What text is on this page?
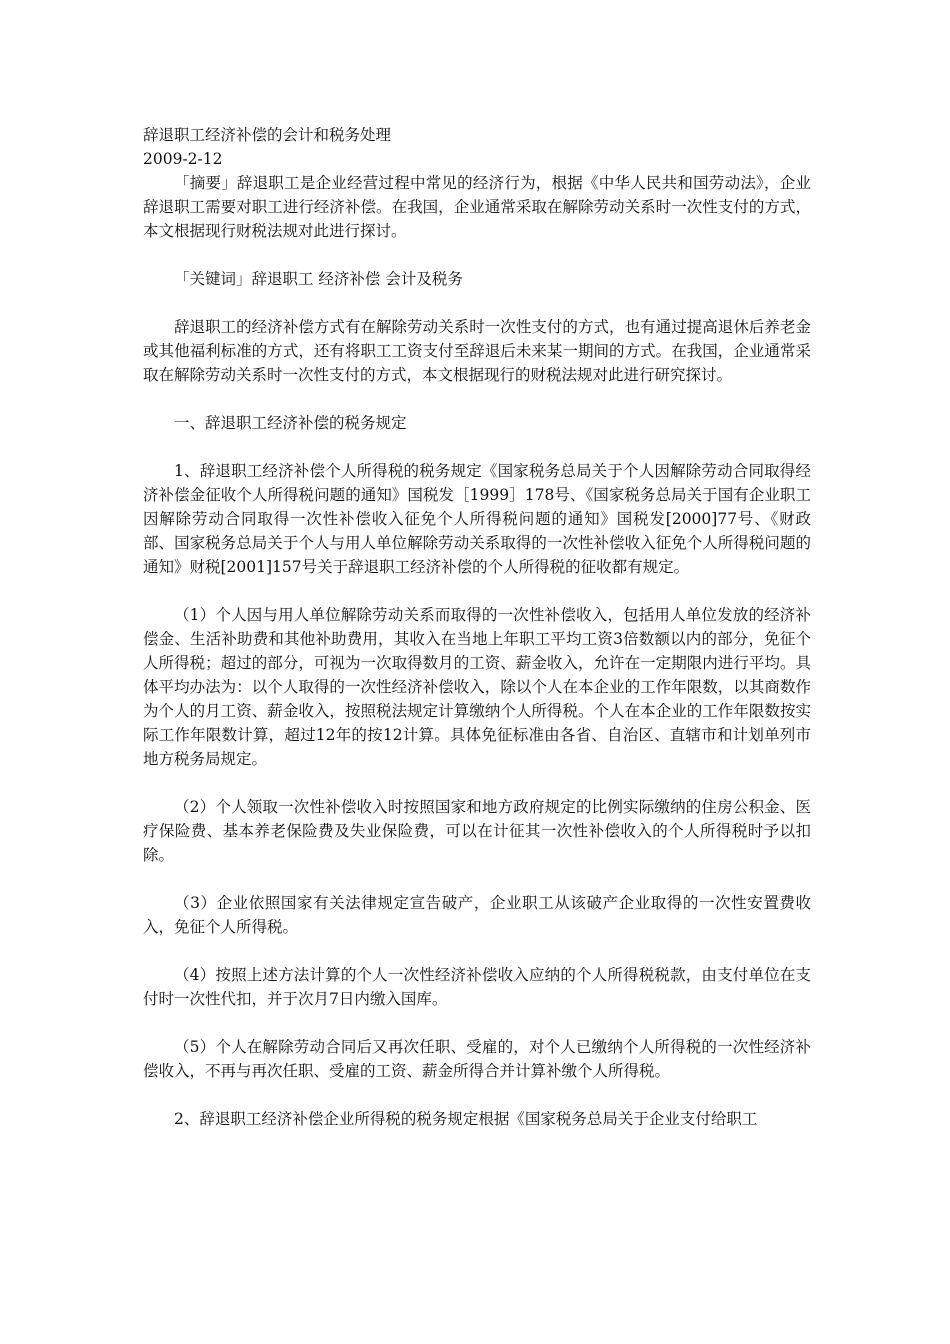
辞退职工经济补偿的会计和税务处理

2009-2-12

「摘要」辞退职工是企业经营过程中常见的经济行为，根据《中华人民共和国劳动法》，企业辞退职工需要对职工进行经济补偿。在我国，企业通常采取在解除劳动关系时一次性支付的方式，本文根据现行财税法规对此进行探讨。

「关键词」辞退职工 经济补偿 会计及税务

辞退职工的经济补偿方式有在解除劳动关系时一次性支付的方式，也有通过提高退休后养老金或其他福利标准的方式，还有将职工工资支付至辞退后未来某一期间的方式。在我国，企业通常采取在解除劳动关系时一次性支付的方式，本文根据现行的财税法规对此进行研究探讨。

一、辞退职工经济补偿的税务规定

1、辞退职工经济补偿个人所得税的税务规定《国家税务总局关于个人因解除劳动合同取得经济补偿金征收个人所得税问题的通知》国税发［1999］178号、《国家税务总局关于国有企业职工因解除劳动合同取得一次性补偿收入征免个人所得税问题的通知》国税发[2000]77号、《财政部、国家税务总局关于个人与用人单位解除劳动关系取得的一次性补偿收入征免个人所得税问题的通知》财税[2001]157号关于辞退职工经济补偿的个人所得税的征收都有规定。

（1）个人因与用人单位解除劳动关系而取得的一次性补偿收入，包括用人单位发放的经济补偿金、生活补助费和其他补助费用，其收入在当地上年职工平均工资3倍数额以内的部分，免征个人所得税；超过的部分，可视为一次取得数月的工资、薪金收入，允许在一定期限内进行平均。具体平均办法为：以个人取得的一次性经济补偿收入，除以个人在本企业的工作年限数，以其商数作为个人的月工资、薪金收入，按照税法规定计算缴纳个人所得税。个人在本企业的工作年限数按实际工作年限数计算，超过12年的按12计算。具体免征标准由各省、自治区、直辖市和计划单列市地方税务局规定。

（2）个人领取一次性补偿收入时按照国家和地方政府规定的比例实际缴纳的住房公积金、医疗保险费、基本养老保险费及失业保险费，可以在计征其一次性补偿收入的个人所得税时予以扣除。

（3）企业依照国家有关法律规定宣告破产，企业职工从该破产企业取得的一次性安置费收入，免征个人所得税。

（4）按照上述方法计算的个人一次性经济补偿收入应纳的个人所得税税款，由支付单位在支付时一次性代扣，并于次月7日内缴入国库。

（5）个人在解除劳动合同后又再次任职、受雇的，对个人已缴纳个人所得税的一次性经济补偿收入，不再与再次任职、受雇的工资、薪金所得合并计算补缴个人所得税。

2、辞退职工经济补偿企业所得税的税务规定根据《国家税务总局关于企业支付给职工
